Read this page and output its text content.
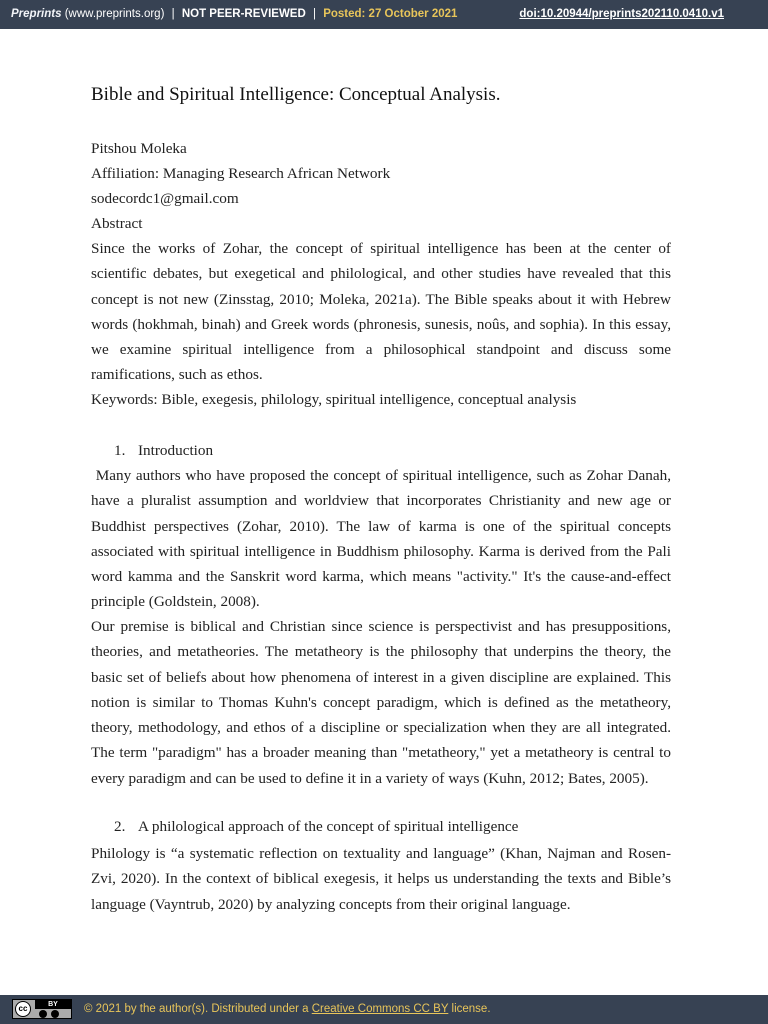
Preprints (www.preprints.org) | NOT PEER-REVIEWED | Posted: 27 October 2021	doi:10.20944/preprints202110.0410.v1
Bible and Spiritual Intelligence: Conceptual Analysis.
Pitshou Moleka
Affiliation: Managing Research African Network
sodecordc1@gmail.com
Abstract
Since the works of Zohar, the concept of spiritual intelligence has been at the center of scientific debates, but exegetical and philological, and other studies have revealed that this concept is not new (Zinsstag, 2010; Moleka, 2021a). The Bible speaks about it with Hebrew words (hokhmah, binah) and Greek words (phronesis, sunesis, noûs, and sophia). In this essay, we examine spiritual intelligence from a philosophical standpoint and discuss some ramifications, such as ethos.
Keywords: Bible, exegesis, philology, spiritual intelligence, conceptual analysis
1. Introduction
Many authors who have proposed the concept of spiritual intelligence, such as Zohar Danah, have a pluralist assumption and worldview that incorporates Christianity and new age or Buddhist perspectives (Zohar, 2010). The law of karma is one of the spiritual concepts associated with spiritual intelligence in Buddhism philosophy. Karma is derived from the Pali word kamma and the Sanskrit word karma, which means "activity." It's the cause-and-effect principle (Goldstein, 2008).
Our premise is biblical and Christian since science is perspectivist and has presuppositions, theories, and metatheories. The metatheory is the philosophy that underpins the theory, the basic set of beliefs about how phenomena of interest in a given discipline are explained. This notion is similar to Thomas Kuhn's concept paradigm, which is defined as the metatheory, theory, methodology, and ethos of a discipline or specialization when they are all integrated. The term "paradigm" has a broader meaning than "metatheory," yet a metatheory is central to every paradigm and can be used to define it in a variety of ways (Kuhn, 2012; Bates, 2005).
2. A philological approach of the concept of spiritual intelligence
Philology is “a systematic reflection on textuality and language” (Khan, Najman and Rosen-Zvi, 2020). In the context of biblical exegesis, it helps us understanding the texts and Bible’s language (Vayntrub, 2020) by analyzing concepts from their original language.
cc	BY	© 2021 by the author(s). Distributed under a Creative Commons CC BY license.
